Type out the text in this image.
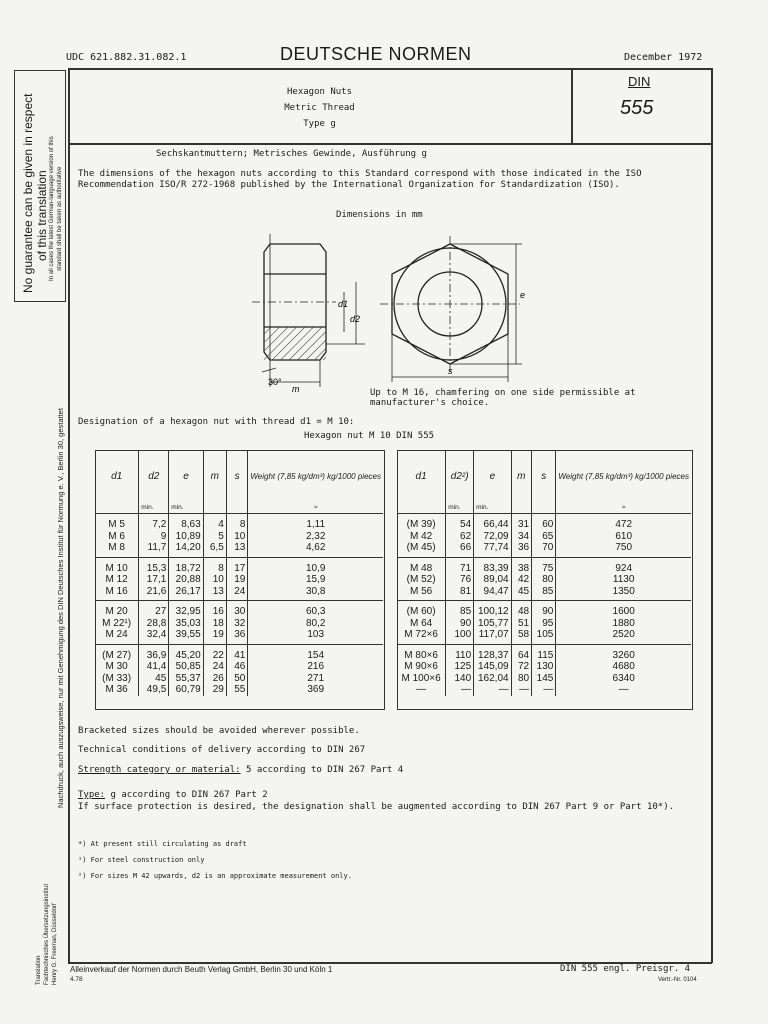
UDC 621.882.31.082.1	DEUTSCHE NORMEN	December 1972
No guarantee can be given in respect of this translation In all cases the latest German-language version of this standard shall be taken as authoritative
Nachdruck, auch auszugsweise, nur mit Genehmigung des DIN Deutsches Institut für Normung e. V., Berlin 30, gestattet
Translation Fachtechnisches Übersetzungsinstitut Henry G. Freeman, Düsseldorf
Hexagon Nuts
Metric Thread
Type g
DIN
555
Sechskantmuttern; Metrisches Gewinde, Ausführung g
The dimensions of the hexagon nuts according to this Standard correspond with those indicated in the ISO Recommendation ISO/R 272-1968 published by the International Organization for Standardization (ISO).
Dimensions in mm
d1
d2
e
s
m
30°
Up to M 16, chamfering on one side permissible at
manufacturer's choice.
Designation of a hexagon nut with thread d1 = M 10:
Hexagon nut M 10 DIN 555
d1	d2	e	m	s	Weight (7,85 kg/dm³) kg/1000 pieces
	min.	min.			≈
M 5	7,2	8,63	4	8	1,11
M 6	9	10,89	5	10	2,32
M 8	11,7	14,20	6,5	13	4,62
M 10	15,3	18,72	8	17	10,9
M 12	17,1	20,88	10	19	15,9
M 16	21,6	26,17	13	24	30,8
M 20	27	32,95	16	30	60,3
M 22¹)	28,8	35,03	18	32	80,2
M 24	32,4	39,55	19	36	103
(M 27)	36,9	45,20	22	41	154
M 30	41,4	50,85	24	46	216
(M 33)	45	55,37	26	50	271
M 36	49,5	60,79	29	55	369
d1	d2²)	e	m	s	Weight (7,85 kg/dm³) kg/1000 pieces
	min.	min.			≈
(M 39)	54	66,44	31	60	472
M 42	62	72,09	34	65	610
(M 45)	66	77,74	36	70	750
M 48	71	83,39	38	75	924
(M 52)	76	89,04	42	80	1130
M 56	81	94,47	45	85	1350
(M 60)	85	100,12	48	90	1600
M 64	90	105,77	51	95	1880
M 72×6	100	117,07	58	105	2520
M 80×6	110	128,37	64	115	3260
M 90×6	125	145,09	72	130	4680
M 100×6	140	162,04	80	145	6340
—	—	—	—	—	—
Bracketed sizes should be avoided wherever possible.
Technical conditions of delivery according to DIN 267
Strength category or material: 5 according to DIN 267 Part 4
Type: g according to DIN 267 Part 2
If surface protection is desired, the designation shall be augmented according to DIN 267 Part 9 or Part 10*).
*) At present still circulating as draft
¹) For steel construction only
²) For sizes M 42 upwards, d2 is an approximate measurement only.
Alleinverkauf der Normen durch Beuth Verlag GmbH, Berlin 30 und Köln 1
4.78
DIN 555 engl. Preisgr. 4
Vertr.-Nr. 0104
